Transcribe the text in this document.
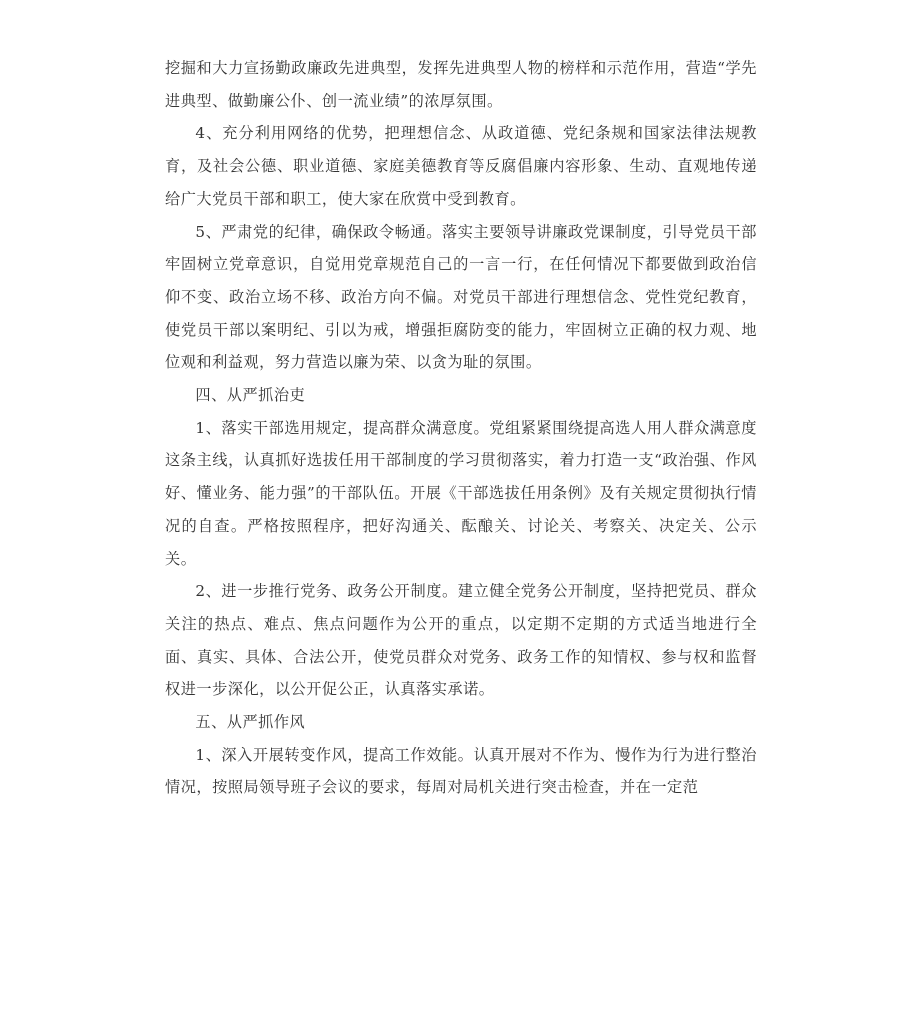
挖掘和大力宣扬勤政廉政先进典型，发挥先进典型人物的榜样和示范作用，营造“学先进典型、做勤廉公仆、创一流业绩”的浓厚氛围。

4、充分利用网络的优势，把理想信念、从政道德、党纪条规和国家法律法规教育，及社会公德、职业道德、家庭美德教育等反腐倡廉内容形象、生动、直观地传递给广大党员干部和职工，使大家在欣赏中受到教育。

5、严肃党的纪律，确保政令畅通。落实主要领导讲廉政党课制度，引导党员干部牢固树立党章意识，自觉用党章规范自己的一言一行，在任何情况下都要做到政治信仰不变、政治立场不移、政治方向不偏。对党员干部进行理想信念、党性党纪教育，使党员干部以案明纪、引以为戒，增强拒腐防变的能力，牢固树立正确的权力观、地位观和利益观，努力营造以廉为荣、以贪为耻的氛围。

四、从严抓治吏

1、落实干部选用规定，提高群众满意度。党组紧紧围绕提高选人用人群众满意度这条主线，认真抓好选拔任用干部制度的学习贯彻落实，着力打造一支“政治强、作风好、懂业务、能力强”的干部队伍。开展《干部选拔任用条例》及有关规定贯彻执行情况的自查。严格按照程序，把好沟通关、酝酿关、讨论关、考察关、决定关、公示关。

2、进一步推行党务、政务公开制度。建立健全党务公开制度，坚持把党员、群众关注的热点、难点、焦点问题作为公开的重点，以定期不定期的方式适当地进行全面、真实、具体、合法公开，使党员群众对党务、政务工作的知情权、参与权和监督权进一步深化，以公开促公正，认真落实承诺。

五、从严抓作风

1、深入开展转变作风，提高工作效能。认真开展对不作为、慢作为行为进行整治情况，按照局领导班子会议的要求，每周对局机关进行突击检查，并在一定范
